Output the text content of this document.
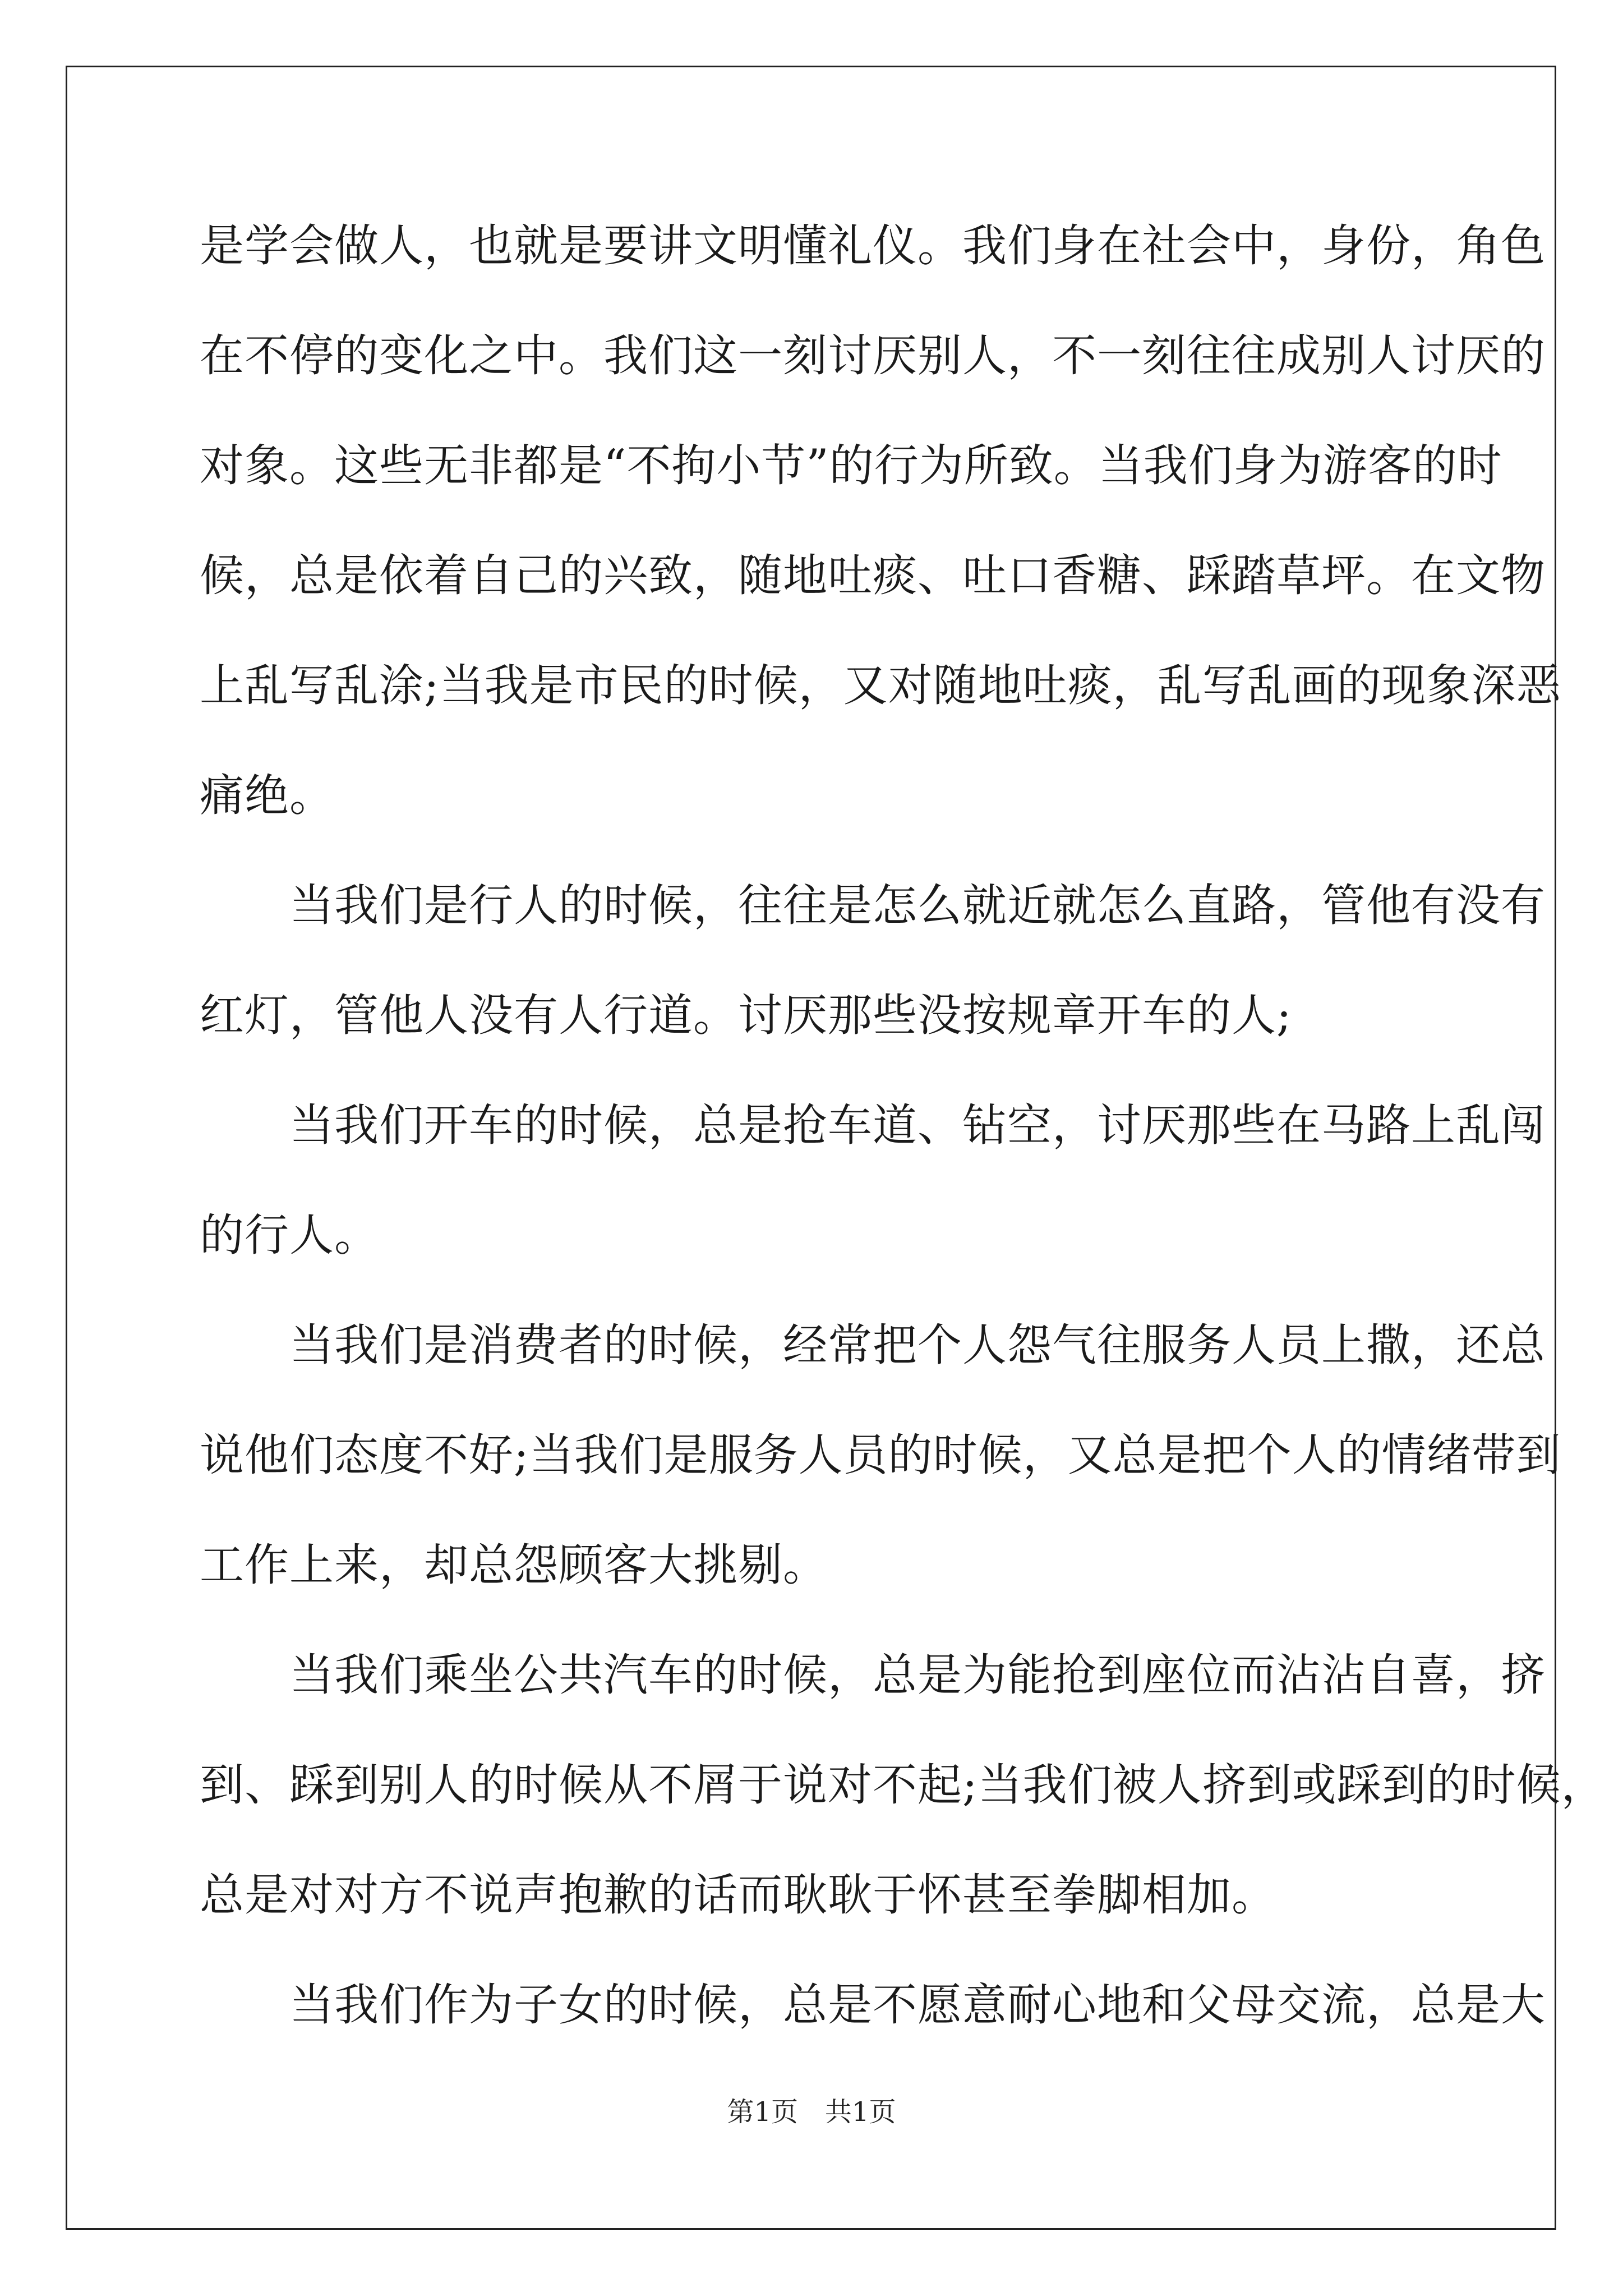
是学会做人，也就是要讲文明懂礼仪。我们身在社会中，身份，角色
在不停的变化之中。我们这一刻讨厌别人，不一刻往往成别人讨厌的
对象。这些无非都是“不拘小节”的行为所致。当我们身为游客的时
候，总是依着自己的兴致，随地吐痰、吐口香糖、踩踏草坪。在文物
上乱写乱涂;当我是市民的时候，又对随地吐痰，乱写乱画的现象深恶
痛绝。
　　当我们是行人的时候，往往是怎么就近就怎么直路，管他有没有
红灯，管他人没有人行道。讨厌那些没按规章开车的人;
　　当我们开车的时候，总是抢车道、钻空，讨厌那些在马路上乱闯
的行人。
　　当我们是消费者的时候，经常把个人怨气往服务人员上撒，还总
说他们态度不好;当我们是服务人员的时候，又总是把个人的情绪带到
工作上来，却总怨顾客大挑剔。
　　当我们乘坐公共汽车的时候，总是为能抢到座位而沾沾自喜，挤
到、踩到别人的时候从不屑于说对不起;当我们被人挤到或踩到的时候，
总是对对方不说声抱歉的话而耿耿于怀甚至拳脚相加。
　　当我们作为子女的时候，总是不愿意耐心地和父母交流，总是大
第1页　共1页
